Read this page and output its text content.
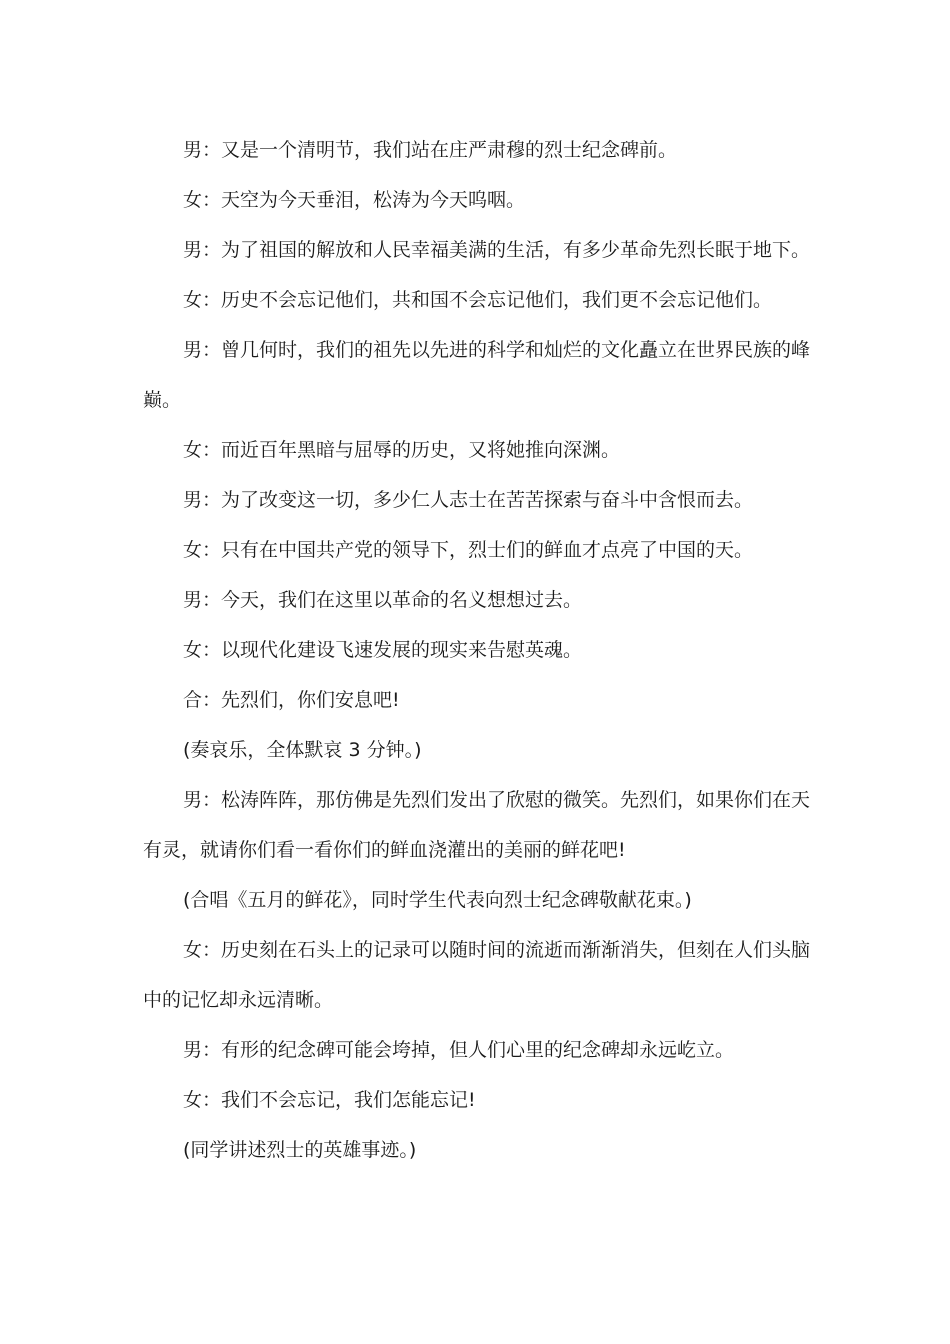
男：又是一个清明节，我们站在庄严肃穆的烈士纪念碑前。

女：天空为今天垂泪，松涛为今天呜咽。

男：为了祖国的解放和人民幸福美满的生活，有多少革命先烈长眠于地下。

女：历史不会忘记他们，共和国不会忘记他们，我们更不会忘记他们。

男：曾几何时，我们的祖先以先进的科学和灿烂的文化矗立在世界民族的峰巅。

女：而近百年黑暗与屈辱的历史，又将她推向深渊。

男：为了改变这一切，多少仁人志士在苦苦探索与奋斗中含恨而去。

女：只有在中国共产党的领导下，烈士们的鲜血才点亮了中国的天。

男：今天，我们在这里以革命的名义想想过去。

女：以现代化建设飞速发展的现实来告慰英魂。

合：先烈们，你们安息吧!

(奏哀乐，全体默哀 3 分钟。)

男：松涛阵阵，那仿佛是先烈们发出了欣慰的微笑。先烈们，如果你们在天有灵，就请你们看一看你们的鲜血浇灌出的美丽的鲜花吧!

(合唱《五月的鲜花》，同时学生代表向烈士纪念碑敬献花束。)

女：历史刻在石头上的记录可以随时间的流逝而渐渐消失，但刻在人们头脑中的记忆却永远清晰。

男：有形的纪念碑可能会垮掉，但人们心里的纪念碑却永远屹立。

女：我们不会忘记，我们怎能忘记!

(同学讲述烈士的英雄事迹。)
